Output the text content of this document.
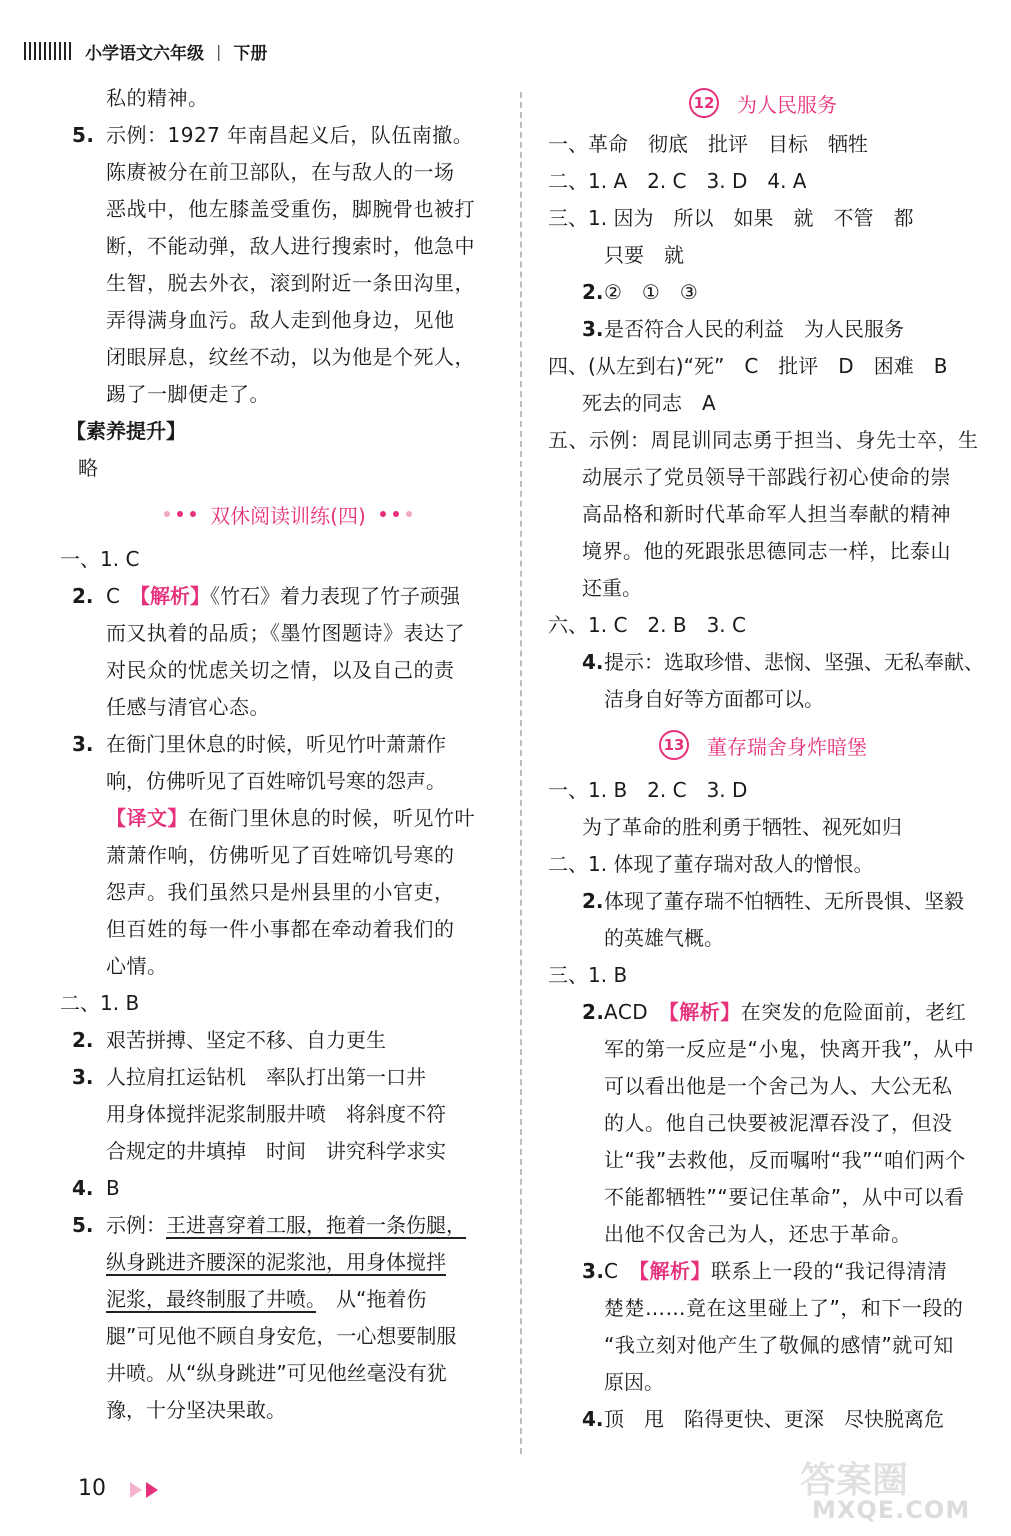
小学语文六年级 | 下册
私的精神。
5. 示例：1927 年南昌起义后，队伍南撤。
陈赓被分在前卫部队，在与敌人的一场
恶战中，他左膝盖受重伤，脚腕骨也被打
断，不能动弹，敌人进行搜索时，他急中
生智，脱去外衣，滚到附近一条田沟里，
弄得满身血污。敌人走到他身边，见他
闭眼屏息，纹丝不动，以为他是个死人，
踢了一脚便走了。
【素养提升】
略
双休阅读训练(四)
一、1. C
2. C　 【解析】《竹石》着力表现了竹子顽强
而又执着的品质；《墨竹图题诗》表达了
对民众的忧虑关切之情，以及自己的责
任感与清官心态。
3. 在衙门里休息的时候，听见竹叶萧萧作
响，仿佛听见了百姓啼饥号寒的怨声。
【译文】在衙门里休息的时候，听见竹叶
萧萧作响，仿佛听见了百姓啼饥号寒的
怨声。我们虽然只是州县里的小官吏，
但百姓的每一件小事都在牵动着我们的
心情。
二、1. B
2. 艰苦拼搏、坚定不移、自力更生
3. 人拉肩扛运钻机　率队打出第一口井
用身体搅拌泥浆制服井喷　将斜度不符
合规定的井填掉　时间　讲究科学求实
4. B
5. 示例：王进喜穿着工服，拖着一条伤腿，
纵身跳进齐腰深的泥浆池，用身体搅拌
泥浆，最终制服了井喷。　从“拖着伤
腿”可见他不顾自身安危，一心想要制服
井喷。从“纵身跳进”可见他丝毫没有犹
豫，十分坚决果敢。
12 为人民服务
一、革命　彻底　批评　目标　牺牲
二、1. A　2. C　3. D　4. A
三、1. 因为　所以　如果　就　不管　都
只要　就
2.②　①　③
3.是否符合人民的利益　为人民服务
四、(从左到右)“死”　C　批评　D　困难　B
死去的同志　A
五、示例：周昆训同志勇于担当、身先士卒，生
动展示了党员领导干部践行初心使命的崇
高品格和新时代革命军人担当奉献的精神
境界。他的死跟张思德同志一样，比泰山
还重。
六、1. C　2. B　3. C
4.提示：选取珍惜、悲悯、坚强、无私奉献、
洁身自好等方面都可以。
13 董存瑞舍身炸暗堡
一、1. B　2. C　3. D
为了革命的胜利勇于牺牲、视死如归
二、1. 体现了董存瑞对敌人的憎恨。
2.体现了董存瑞不怕牺牲、无所畏惧、坚毅
的英雄气概。
三、1. B
2.ACD　 【解析】在突发的危险面前，老红
军的第一反应是“小鬼，快离开我”，从中
可以看出他是一个舍己为人、大公无私
的人。他自己快要被泥潭吞没了，但没
让“我”去救他，反而嘱咐“我”“咱们两个
不能都牺牲”“要记住革命”，从中可以看
出他不仅舍己为人，还忠于革命。
3.C　 【解析】联系上一段的“我记得清清
楚楚……竟在这里碰上了”，和下一段的
“我立刻对他产生了敬佩的感情”就可知
原因。
4.顶　甩　陷得更快、更深　尽快脱离危
10	答案圈
MXQE.COM
